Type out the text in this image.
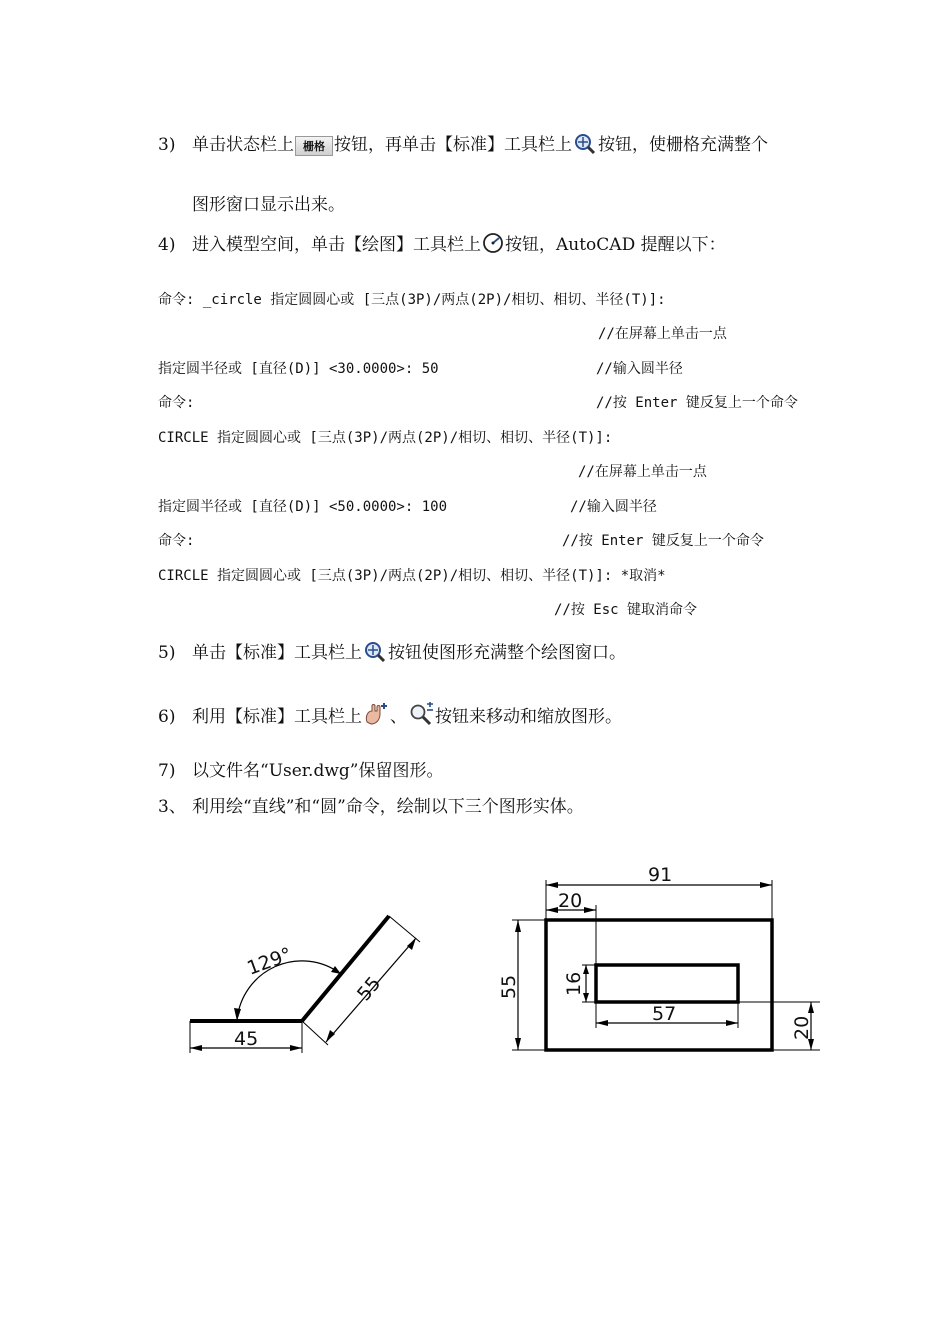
3) 单击状态栏上 栅格 按钮，再单击【标准】工具栏上 按钮，使栅格充满整个
图形窗口显示出来。
4) 进入模型空间，单击【绘图】工具栏上 按钮，AutoCAD 提醒以下：
命令: _circle 指定圆圆心或 [三点(3P)/两点(2P)/相切、相切、半径(T)]:
//在屏幕上单击一点
指定圆半径或 [直径(D)] <30.0000>: 50	//输入圆半径
命令:	//按 Enter 键反复上一个命令
CIRCLE 指定圆圆心或 [三点(3P)/两点(2P)/相切、相切、半径(T)]:
//在屏幕上单击一点
指定圆半径或 [直径(D)] <50.0000>: 100	//输入圆半径
命令:	//按 Enter 键反复上一个命令
CIRCLE 指定圆圆心或 [三点(3P)/两点(2P)/相切、相切、半径(T)]: *取消*
//按 Esc 键取消命令
5) 单击【标准】工具栏上 按钮使图形充满整个绘图窗口。
6) 利用【标准】工具栏上 、 按钮来移动和缩放图形。
7) 以文件名“User.dwg”保留图形。
3、 利用绘“直线”和“圆”命令，绘制以下三个图形实体。
45
55
129°
91
20
55 16
57
20
